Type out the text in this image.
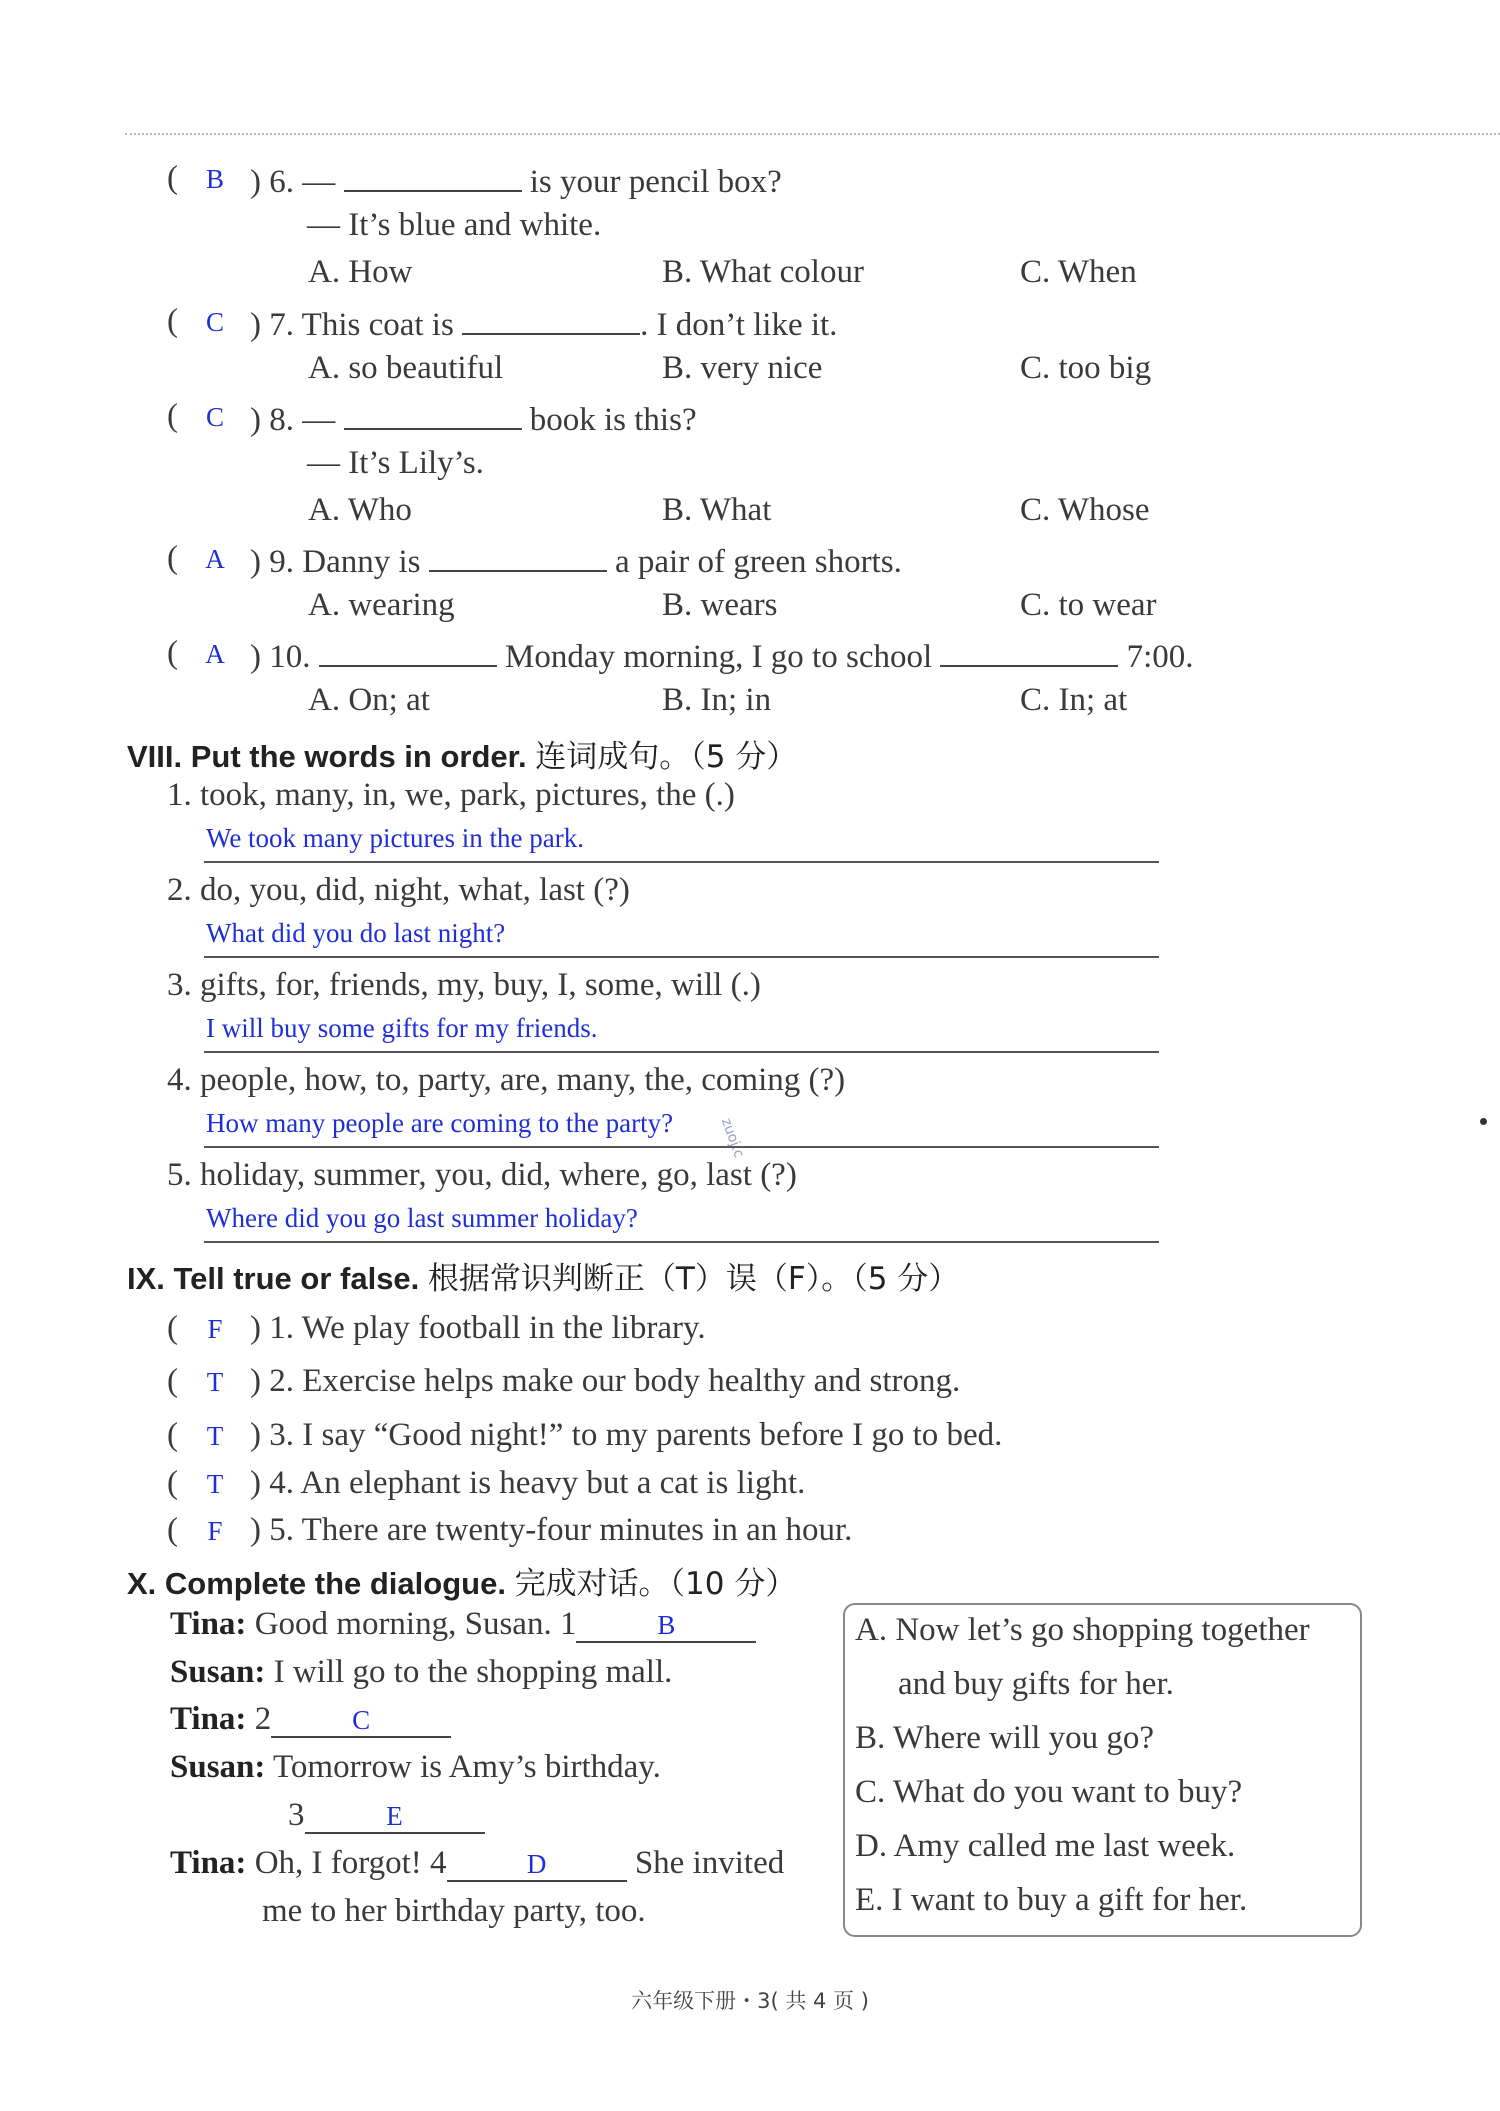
(	B ) 6. —	is your pencil box?
— It’s blue and white.
A. How	B. What colour	C. When
(	C ) 7. This coat is	. I don’t like it.
A. so beautiful	B. very nice	C. too big
(	C ) 8. —	book is this?
— It’s Lily’s.
A. Who	B. What	C. Whose
(	A ) 9. Danny is	a pair of green shorts.
A. wearing	B. wears	C. to wear
(	A ) 10.	Monday morning, I go to school	7:00.
A. On; at	B. In; in	C. In; at
VIII. Put the words in order. 连词成句。（5 分）
1. took, many, in, we, park, pictures, the (.)
We took many pictures in the park.
2. do, you, did, night, what, last (?)
What did you do last night?
3. gifts, for, friends, my, buy, I, some, will (.)
I will buy some gifts for my friends.
4. people, how, to, party, are, many, the, coming (?)
How many people are coming to the party?
5. holiday, summer, you, did, where, go, last (?)
Where did you go last summer holiday?
zuoj.c
IX. Tell true or false. 根据常识判断正（T）误（F）。（5 分）
(	F ) 1. We play football in the library.
(	T ) 2. Exercise helps make our body healthy and strong.
(	T ) 3. I say “Good night!” to my parents before I go to bed.
(	T ) 4. An elephant is heavy but a cat is light.
(	F ) 5. There are twenty-four minutes in an hour.
X. Complete the dialogue. 完成对话。（10 分）
Tina: Good morning, Susan. 1	B
Susan: I will go to the shopping mall.
Tina: 2	C
Susan: Tomorrow is Amy’s birthday.
3	E
Tina: Oh, I forgot! 4	D	She invited
me to her birthday party, too.
A. Now let’s go shopping together
and buy gifts for her.
B. Where will you go?
C. What do you want to buy?
D. Amy called me last week.
E. I want to buy a gift for her.
六年级下册・3( 共 4 页 )
